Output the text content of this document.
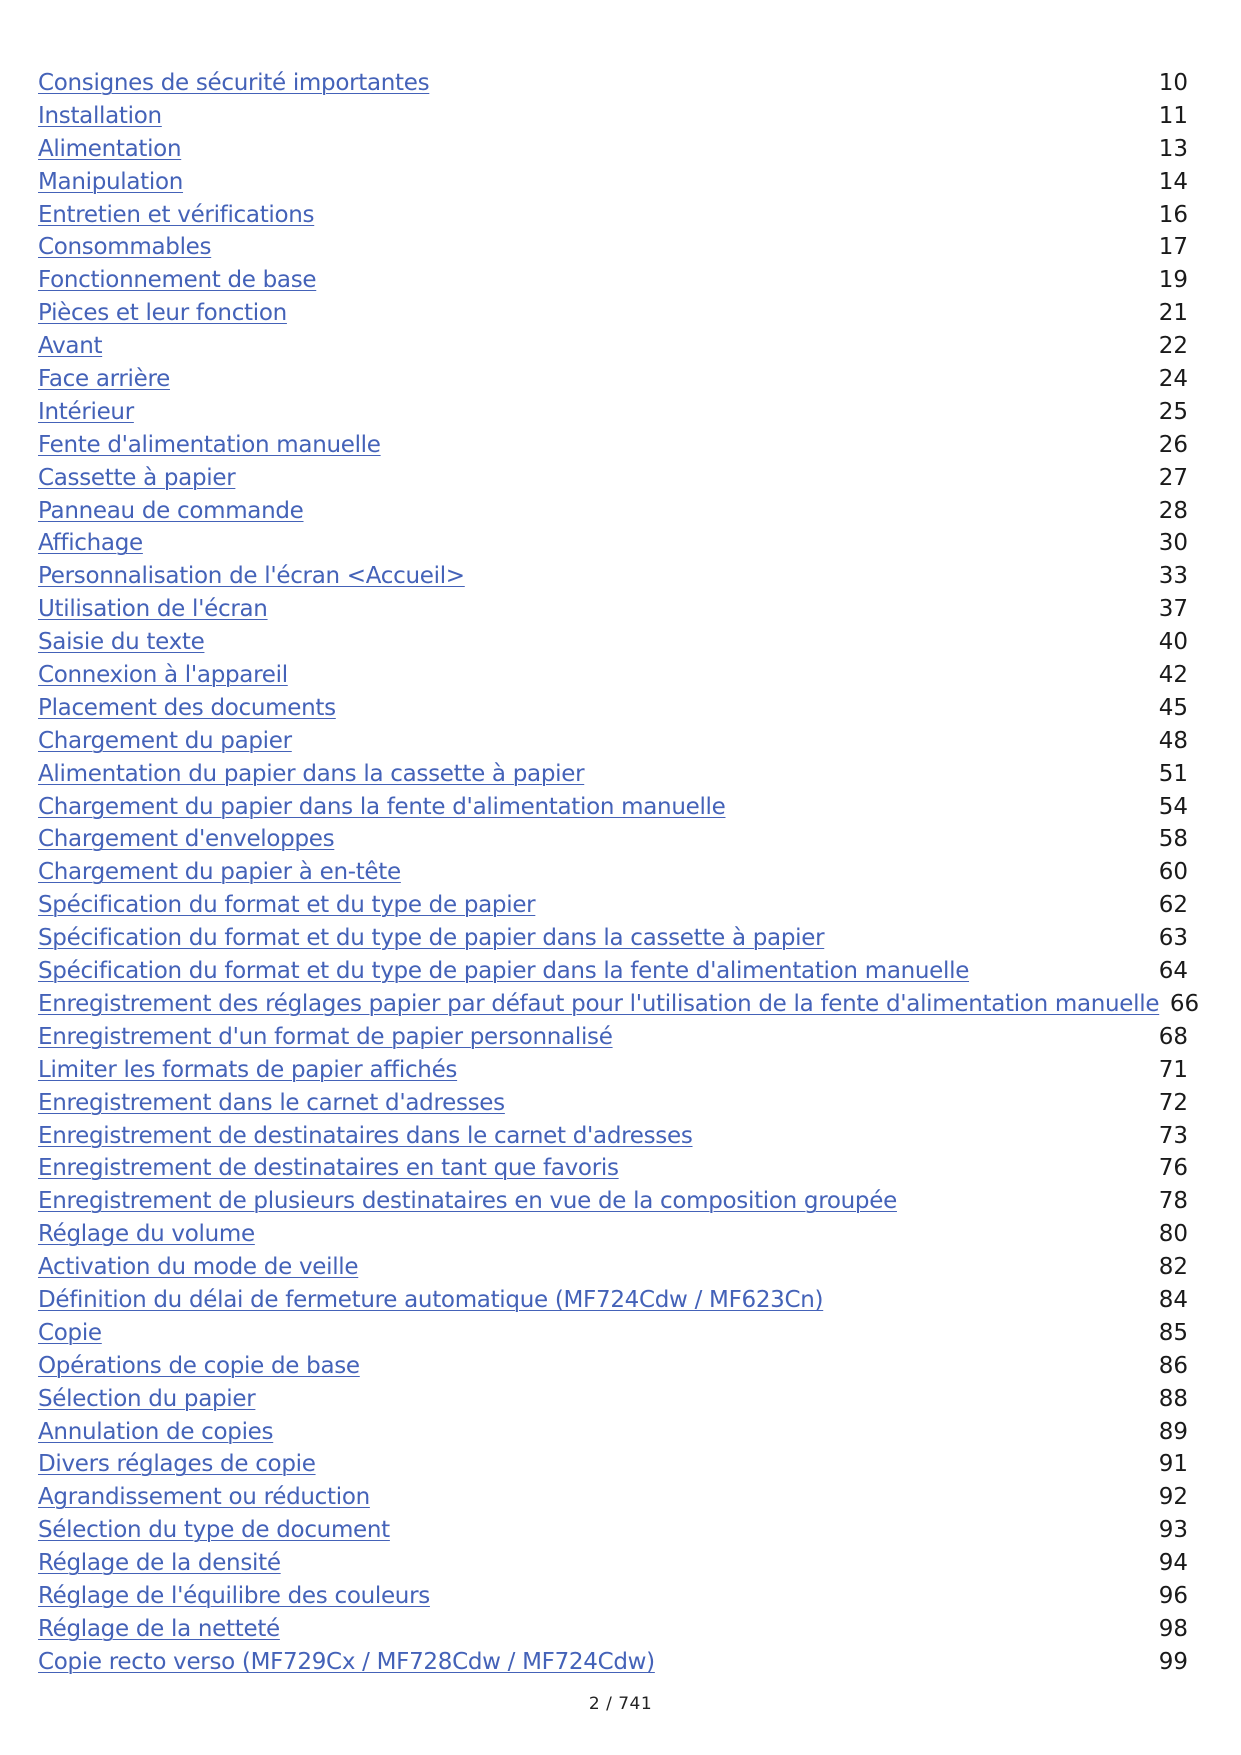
Consignes de sécurité importantes	10
Installation	11
Alimentation	13
Manipulation	14
Entretien et vérifications	16
Consommables	17
Fonctionnement de base	19
Pièces et leur fonction	21
Avant	22
Face arrière	24
Intérieur	25
Fente d'alimentation manuelle	26
Cassette à papier	27
Panneau de commande	28
Affichage	30
Personnalisation de l'écran <Accueil>	33
Utilisation de l'écran	37
Saisie du texte	40
Connexion à l'appareil	42
Placement des documents	45
Chargement du papier	48
Alimentation du papier dans la cassette à papier	51
Chargement du papier dans la fente d'alimentation manuelle	54
Chargement d'enveloppes	58
Chargement du papier à en-tête	60
Spécification du format et du type de papier	62
Spécification du format et du type de papier dans la cassette à papier	63
Spécification du format et du type de papier dans la fente d'alimentation manuelle	64
Enregistrement des réglages papier par défaut pour l'utilisation de la fente d'alimentation manuelle 66
Enregistrement d'un format de papier personnalisé	68
Limiter les formats de papier affichés	71
Enregistrement dans le carnet d'adresses	72
Enregistrement de destinataires dans le carnet d'adresses	73
Enregistrement de destinataires en tant que favoris	76
Enregistrement de plusieurs destinataires en vue de la composition groupée	78
Réglage du volume	80
Activation du mode de veille	82
Définition du délai de fermeture automatique (MF724Cdw / MF623Cn)	84
Copie	85
Opérations de copie de base	86
Sélection du papier	88
Annulation de copies	89
Divers réglages de copie	91
Agrandissement ou réduction	92
Sélection du type de document	93
Réglage de la densité	94
Réglage de l'équilibre des couleurs	96
Réglage de la netteté	98
Copie recto verso (MF729Cx / MF728Cdw / MF724Cdw)	99
2 / 741
